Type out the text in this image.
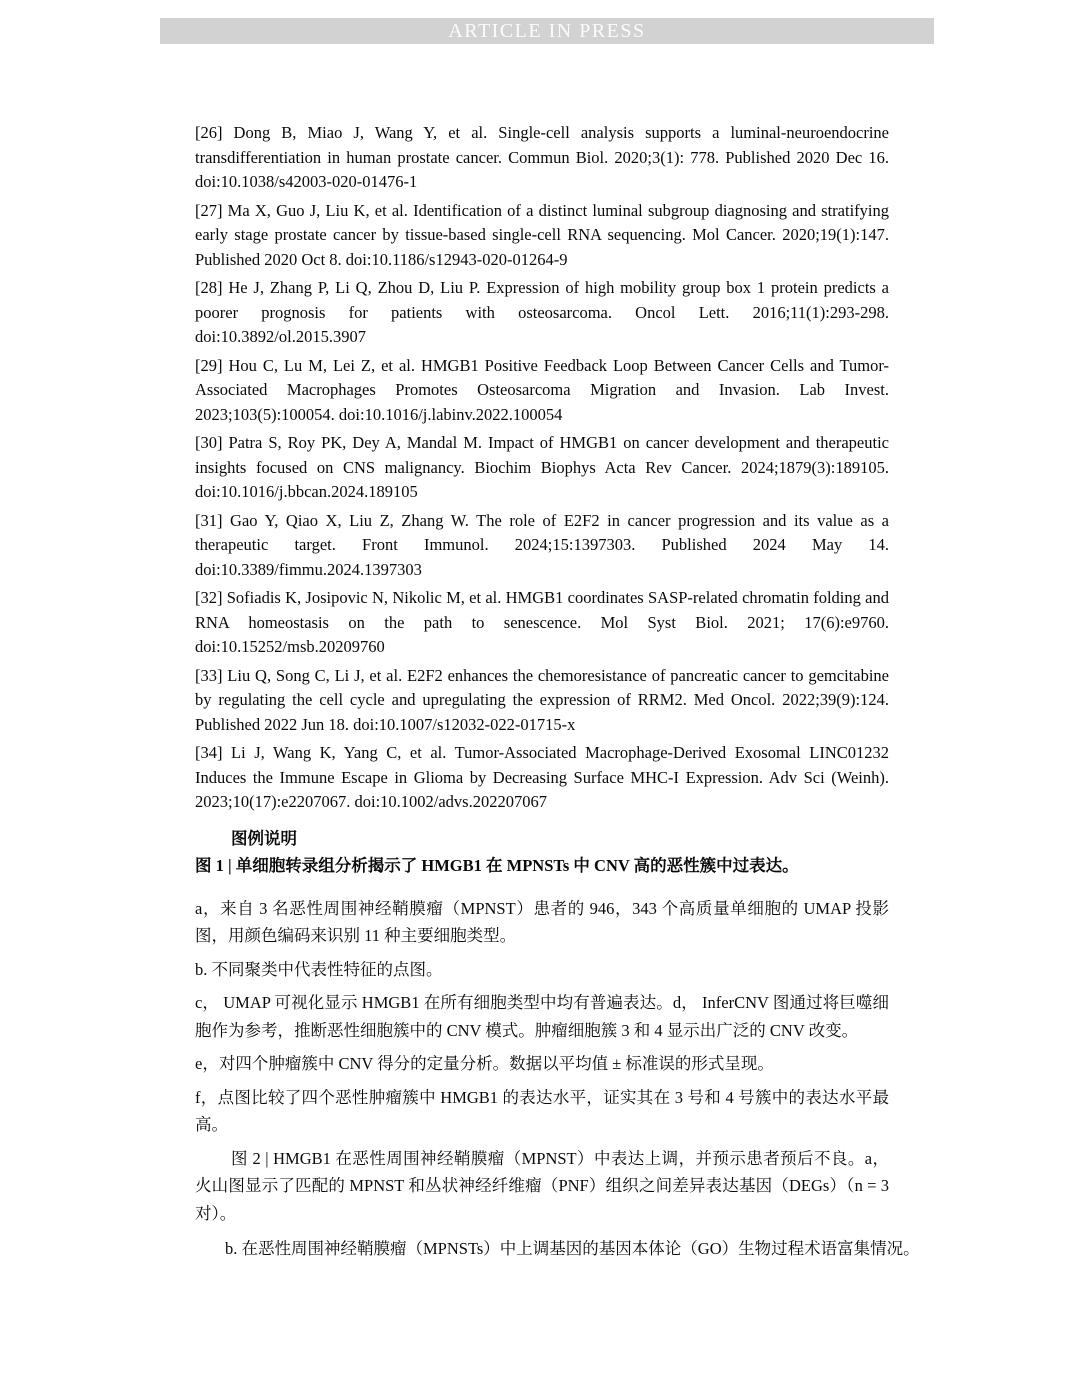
ARTICLE IN PRESS

[26] Dong B, Miao J, Wang Y, et al. Single-cell analysis supports a luminal-neuroendocrine transdifferentiation in human prostate cancer. Commun Biol. 2020;3(1): 778. Published 2020 Dec 16. doi:10.1038/s42003-020-01476-1

[27] Ma X, Guo J, Liu K, et al. Identification of a distinct luminal subgroup diagnosing and stratifying early stage prostate cancer by tissue-based single-cell RNA sequencing. Mol Cancer. 2020;19(1):147. Published 2020 Oct 8. doi:10.1186/s12943-020-01264-9

[28] He J, Zhang P, Li Q, Zhou D, Liu P. Expression of high mobility group box 1 protein predicts a poorer prognosis for patients with osteosarcoma. Oncol Lett. 2016;11(1):293-298. doi:10.3892/ol.2015.3907

[29] Hou C, Lu M, Lei Z, et al. HMGB1 Positive Feedback Loop Between Cancer Cells and Tumor-Associated Macrophages Promotes Osteosarcoma Migration and Invasion. Lab Invest. 2023;103(5):100054. doi:10.1016/j.labinv.2022.100054

[30] Patra S, Roy PK, Dey A, Mandal M. Impact of HMGB1 on cancer development and therapeutic insights focused on CNS malignancy. Biochim Biophys Acta Rev Cancer. 2024;1879(3):189105. doi:10.1016/j.bbcan.2024.189105

[31] Gao Y, Qiao X, Liu Z, Zhang W. The role of E2F2 in cancer progression and its value as a therapeutic target. Front Immunol. 2024;15:1397303. Published 2024 May 14. doi:10.3389/fimmu.2024.1397303

[32] Sofiadis K, Josipovic N, Nikolic M, et al. HMGB1 coordinates SASP-related chromatin folding and RNA homeostasis on the path to senescence. Mol Syst Biol. 2021; 17(6):e9760. doi:10.15252/msb.20209760

[33] Liu Q, Song C, Li J, et al. E2F2 enhances the chemoresistance of pancreatic cancer to gemcitabine by regulating the cell cycle and upregulating the expression of RRM2. Med Oncol. 2022;39(9):124. Published 2022 Jun 18. doi:10.1007/s12032-022-01715-x

[34] Li J, Wang K, Yang C, et al. Tumor-Associated Macrophage-Derived Exosomal LINC01232 Induces the Immune Escape in Glioma by Decreasing Surface MHC-I Expression. Adv Sci (Weinh). 2023;10(17):e2207067. doi:10.1002/advs.202207067

图例说明

图 1 | 单细胞转录组分析揭示了 HMGB1 在 MPNSTs 中 CNV 高的恶性簇中过表达。

a，来自 3 名恶性周围神经鞘膜瘤（MPNST）患者的 946，343 个高质量单细胞的 UMAP 投影图，用颜色编码来识别 11 种主要细胞类型。

b. 不同聚类中代表性特征的点图。

c， UMAP 可视化显示 HMGB1 在所有细胞类型中均有普遍表达。d， InferCNV 图通过将巨噬细胞作为参考，推断恶性细胞簇中的 CNV 模式。肿瘤细胞簇 3 和 4 显示出广泛的 CNV 改变。

e，对四个肿瘤簇中 CNV 得分的定量分析。数据以平均值 ± 标准误的形式呈现。

f，点图比较了四个恶性肿瘤簇中 HMGB1 的表达水平，证实其在 3 号和 4 号簇中的表达水平最高。

图 2 | HMGB1 在恶性周围神经鞘膜瘤（MPNST）中表达上调，并预示患者预后不良。a，火山图显示了匹配的 MPNST 和丛状神经纤维瘤（PNF）组织之间差异表达基因（DEGs）（n = 3 对）。

b. 在恶性周围神经鞘膜瘤（MPNSTs）中上调基因的基因本体论（GO）生物过程术语富集情况。
